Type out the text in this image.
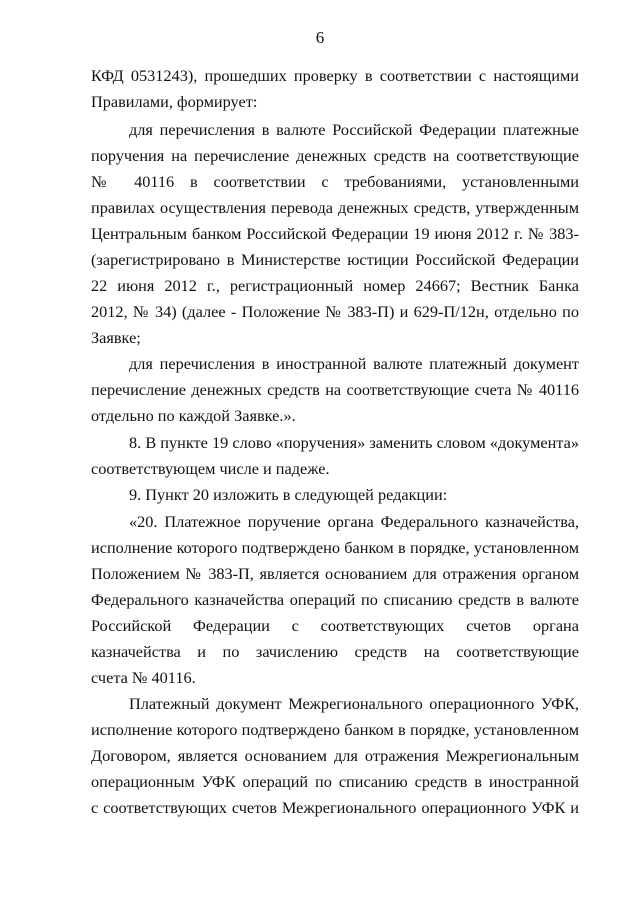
6
КФД 0531243), прошедших проверку в соответствии с настоящими
Правилами, формирует:
для перечисления в валюте Российской Федерации платежные
поручения на перечисление денежных средств на соответствующие
№ 40116 в соответствии с требованиями, установленными
правилах осуществления перевода денежных средств, утвержденным
Центральным банком Российской Федерации 19 июня 2012 г. № 383-
(зарегистрировано в Министерстве юстиции Российской Федерации
22 июня 2012 г., регистрационный номер 24667; Вестник Банка
2012, № 34) (далее - Положение № 383-П) и 629-П/12н, отдельно по
Заявке;
для перечисления в иностранной валюте платежный документ
перечисление денежных средств на соответствующие счета № 40116
отдельно по каждой Заявке.».
8. В пункте 19 слово «поручения» заменить словом «документа»
соответствующем числе и падеже.
9. Пункт 20 изложить в следующей редакции:
«20. Платежное поручение органа Федерального казначейства,
исполнение которого подтверждено банком в порядке, установленном
Положением № 383-П, является основанием для отражения органом
Федерального казначейства операций по списанию средств в валюте
Российской Федерации с соответствующих счетов органа
казначейства и по зачислению средств на соответствующие
счета № 40116.
Платежный документ Межрегионального операционного УФК,
исполнение которого подтверждено банком в порядке, установленном
Договором, является основанием для отражения Межрегиональным
операционным УФК операций по списанию средств в иностранной
с соответствующих счетов Межрегионального операционного УФК и
